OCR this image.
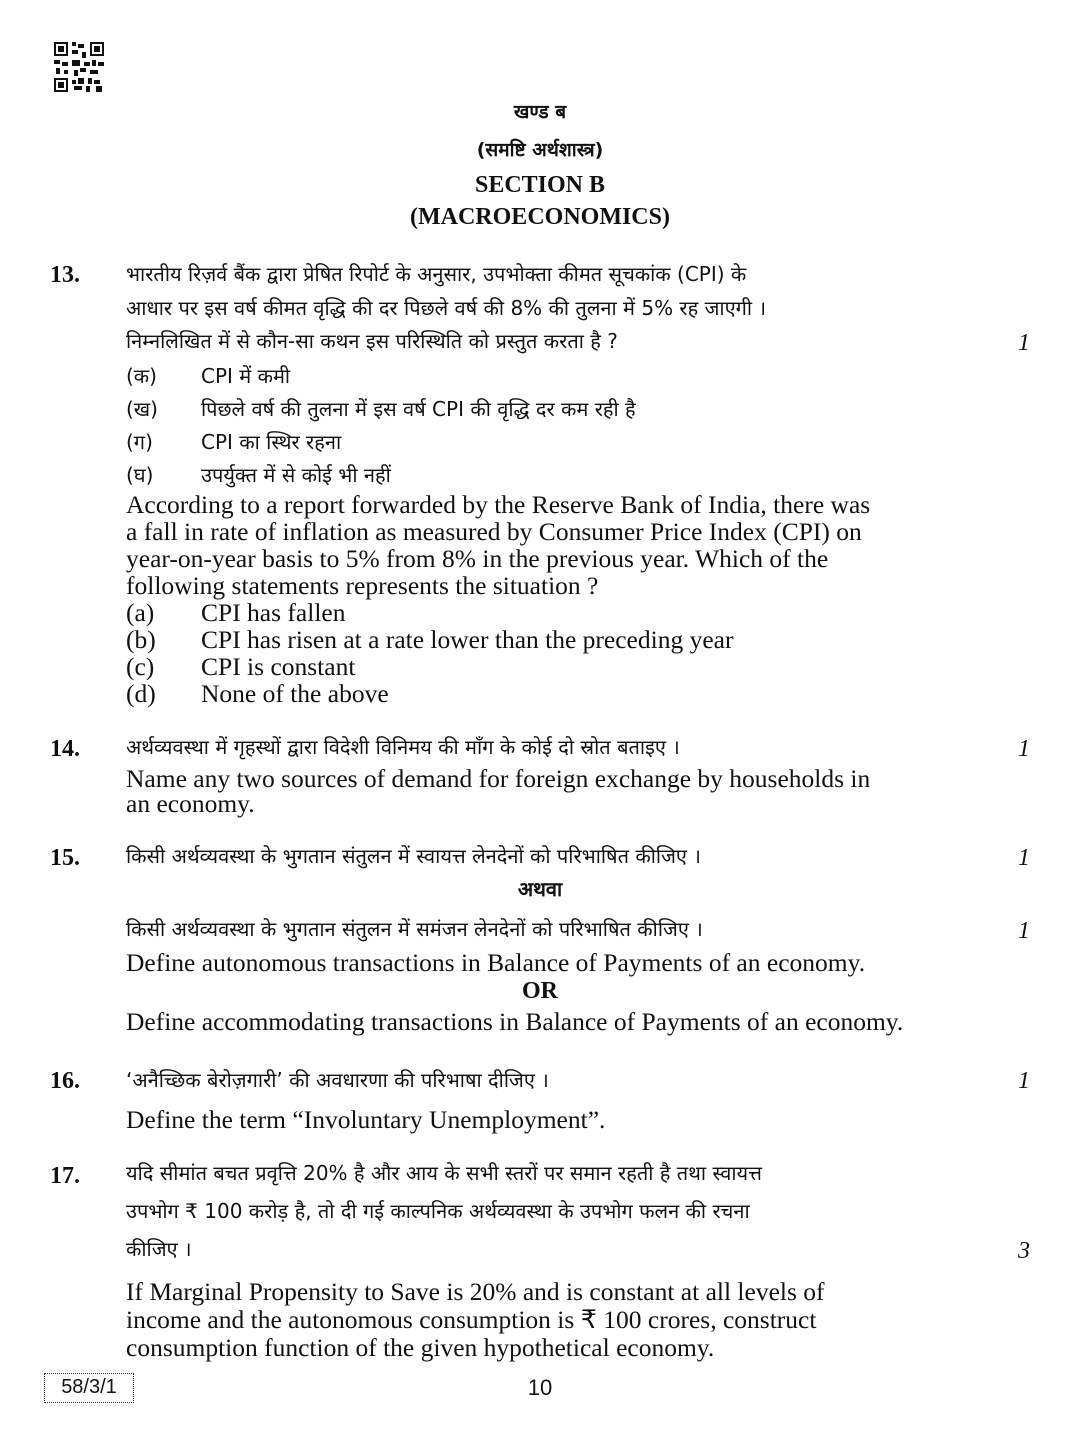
खण्ड ब
(समष्टि अर्थशास्त्र)
SECTION B
(MACROECONOMICS)
13. भारतीय रिज़र्व बैंक द्वारा प्रेषित रिपोर्ट के अनुसार, उपभोक्ता कीमत सूचकांक (CPI) के
आधार पर इस वर्ष कीमत वृद्धि की दर पिछले वर्ष की 8% की तुलना में 5% रह जाएगी ।
निम्नलिखित में से कौन-सा कथन इस परिस्थिति को प्रस्तुत करता है ?	1
(क) CPI में कमी
(ख) पिछले वर्ष की तुलना में इस वर्ष CPI की वृद्धि दर कम रही है
(ग) CPI का स्थिर रहना
(घ) उपर्युक्त में से कोई भी नहीं
According to a report forwarded by the Reserve Bank of India, there was
a fall in rate of inflation as measured by Consumer Price Index (CPI) on
year-on-year basis to 5% from 8% in the previous year. Which of the
following statements represents the situation ?
(a) CPI has fallen
(b) CPI has risen at a rate lower than the preceding year
(c) CPI is constant
(d) None of the above
14. अर्थव्यवस्था में गृहस्थों द्वारा विदेशी विनिमय की माँग के कोई दो स्रोत बताइए ।	1
Name any two sources of demand for foreign exchange by households in
an economy.
15. किसी अर्थव्यवस्था के भुगतान संतुलन में स्वायत्त लेनदेनों को परिभाषित कीजिए ।	1
अथवा
किसी अर्थव्यवस्था के भुगतान संतुलन में समंजन लेनदेनों को परिभाषित कीजिए ।	1
Define autonomous transactions in Balance of Payments of an economy.
OR
Define accommodating transactions in Balance of Payments of an economy.
16. ‘अनैच्छिक बेरोज़गारी’ की अवधारणा की परिभाषा दीजिए ।	1
Define the term “Involuntary Unemployment”.
17. यदि सीमांत बचत प्रवृत्ति 20% है और आय के सभी स्तरों पर समान रहती है तथा स्वायत्त
उपभोग ₹ 100 करोड़ है, तो दी गई काल्पनिक अर्थव्यवस्था के उपभोग फलन की रचना
कीजिए ।	3
If Marginal Propensity to Save is 20% and is constant at all levels of
income and the autonomous consumption is ₹ 100 crores, construct
consumption function of the given hypothetical economy.
58/3/1	10
